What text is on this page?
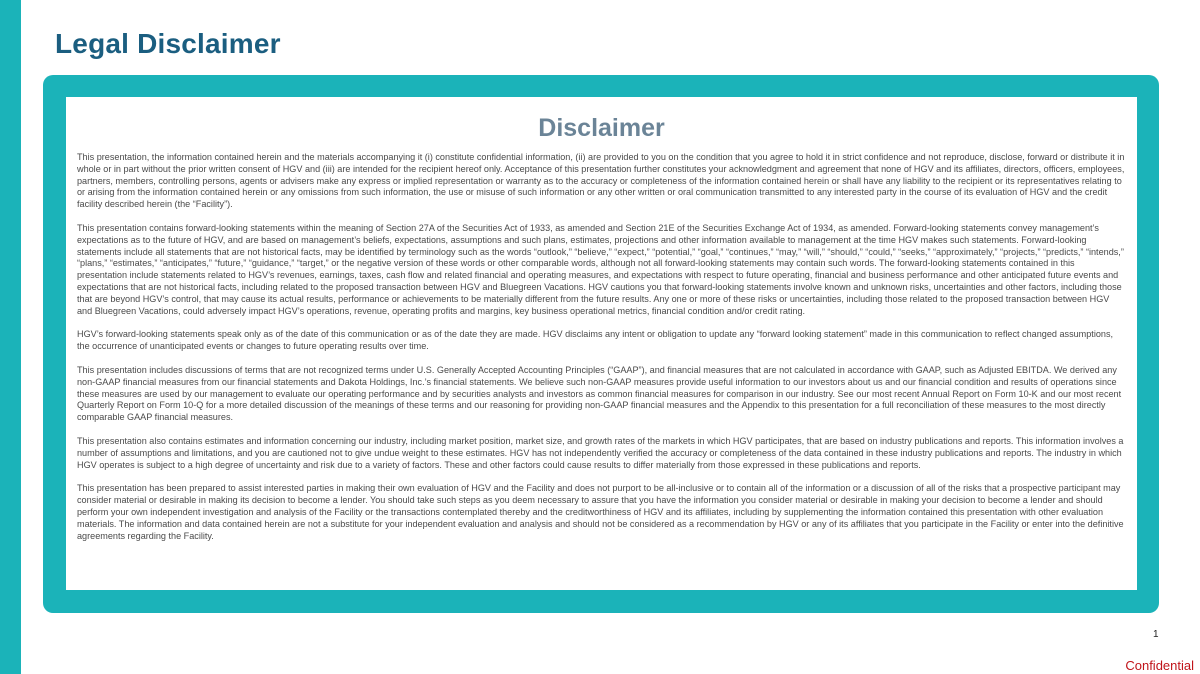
Legal Disclaimer
Disclaimer

This presentation, the information contained herein and the materials accompanying it (i) constitute confidential information, (ii) are provided to you on the condition that you agree to hold it in strict confidence and not reproduce, disclose, forward or distribute it in whole or in part without the prior written consent of HGV and (iii) are intended for the recipient hereof only. Acceptance of this presentation further constitutes your acknowledgment and agreement that none of HGV and its affiliates, directors, officers, employees, partners, members, controlling persons, agents or advisers make any express or implied representation or warranty as to the accuracy or completeness of the information contained herein or shall have any liability to the recipient or its representatives relating to or arising from the information contained herein or any omissions from such information, the use or misuse of such information or any other written or oral communication transmitted to any interested party in the course of its evaluation of HGV and the credit facility described herein (the “Facility”).

This presentation contains forward-looking statements within the meaning of Section 27A of the Securities Act of 1933, as amended and Section 21E of the Securities Exchange Act of 1934, as amended. Forward-looking statements convey management’s expectations as to the future of HGV, and are based on management’s beliefs, expectations, assumptions and such plans, estimates, projections and other information available to management at the time HGV makes such statements. Forward-looking statements include all statements that are not historical facts, may be identified by terminology such as the words “outlook,” “believe,” “expect,” “potential,” “goal,” “continues,” “may,” “will,” “should,” “could,” “seeks,” “approximately,” “projects,” “predicts,” “intends,” “plans,” “estimates,” “anticipates,” “future,” “guidance,” “target,” or the negative version of these words or other comparable words, although not all forward-looking statements may contain such words. The forward-looking statements contained in this presentation include statements related to HGV’s revenues, earnings, taxes, cash flow and related financial and operating measures, and expectations with respect to future operating, financial and business performance and other anticipated future events and expectations that are not historical facts, including related to the proposed transaction between HGV and Bluegreen Vacations. HGV cautions you that forward-looking statements involve known and unknown risks, uncertainties and other factors, including those that are beyond HGV’s control, that may cause its actual results, performance or achievements to be materially different from the future results. Any one or more of these risks or uncertainties, including those related to the proposed transaction between HGV and Bluegreen Vacations, could adversely impact HGV’s operations, revenue, operating profits and margins, key business operational metrics, financial condition and/or credit rating.

HGV’s forward-looking statements speak only as of the date of this communication or as of the date they are made. HGV disclaims any intent or obligation to update any “forward looking statement” made in this communication to reflect changed assumptions, the occurrence of unanticipated events or changes to future operating results over time.

This presentation includes discussions of terms that are not recognized terms under U.S. Generally Accepted Accounting Principles (“GAAP”), and financial measures that are not calculated in accordance with GAAP, such as Adjusted EBITDA. We derived any non-GAAP financial measures from our financial statements and Dakota Holdings, Inc.’s financial statements. We believe such non-GAAP measures provide useful information to our investors about us and our financial condition and results of operations since these measures are used by our management to evaluate our operating performance and by securities analysts and investors as common financial measures for comparison in our industry. See our most recent Annual Report on Form 10-K and our most recent Quarterly Report on Form 10-Q for a more detailed discussion of the meanings of these terms and our reasoning for providing non-GAAP financial measures and the Appendix to this presentation for a full reconciliation of these measures to the most directly comparable GAAP financial measures.

This presentation also contains estimates and information concerning our industry, including market position, market size, and growth rates of the markets in which HGV participates, that are based on industry publications and reports. This information involves a number of assumptions and limitations, and you are cautioned not to give undue weight to these estimates. HGV has not independently verified the accuracy or completeness of the data contained in these industry publications and reports. The industry in which HGV operates is subject to a high degree of uncertainty and risk due to a variety of factors. These and other factors could cause results to differ materially from those expressed in these publications and reports.

This presentation has been prepared to assist interested parties in making their own evaluation of HGV and the Facility and does not purport to be all-inclusive or to contain all of the information or a discussion of all of the risks that a prospective participant may consider material or desirable in making its decision to become a lender. You should take such steps as you deem necessary to assure that you have the information you consider material or desirable in making your decision to become a lender and should perform your own independent investigation and analysis of the Facility or the transactions contemplated thereby and the creditworthiness of HGV and its affiliates, including by supplementing the information contained this presentation with other evaluation materials. The information and data contained herein are not a substitute for your independent evaluation and analysis and should not be considered as a recommendation by HGV or any of its affiliates that you participate in the Facility or enter into the definitive agreements regarding the Facility.

1
Confidential
